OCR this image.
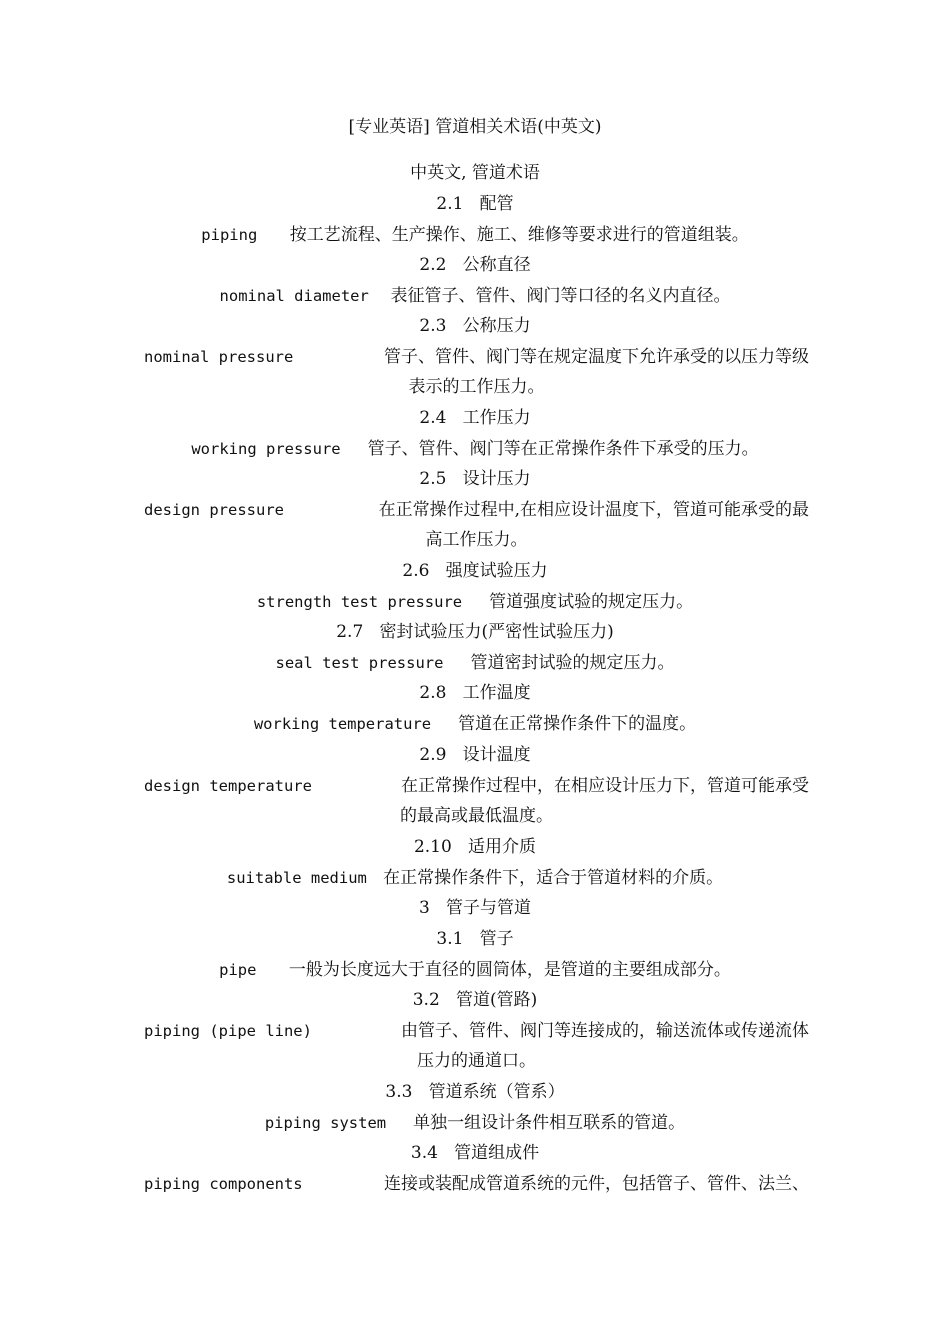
[专业英语] 管道相关术语(中英文)
中英文, 管道术语
2.1   配管
piping 按工艺流程、生产操作、施工、维修等要求进行的管道组装。
2.2   公称直径
nominal diameter 表征管子、管件、阀门等口径的名义内直径。
2.3   公称压力
nominal pressure	管子、管件、阀门等在规定温度下允许承受的以压力等级
表示的工作压力。
2.4   工作压力
working pressure 管子、管件、阀门等在正常操作条件下承受的压力。
2.5   设计压力
design pressure	在正常操作过程中,在相应设计温度下，管道可能承受的最
高工作压力。
2.6   强度试验压力
strength test pressure 管道强度试验的规定压力。
2.7   密封试验压力(严密性试验压力)
seal test pressure 管道密封试验的规定压力。
2.8   工作温度
working temperature 管道在正常操作条件下的温度。
2.9   设计温度
design temperature	在正常操作过程中，在相应设计压力下，管道可能承受
的最高或最低温度。
2.10   适用介质
suitable medium 在正常操作条件下，适合于管道材料的介质。
3   管子与管道
3.1   管子
pipe 一般为长度远大于直径的圆筒体，是管道的主要组成部分。
3.2   管道(管路)
piping (pipe line)	由管子、管件、阀门等连接成的，输送流体或传递流体
压力的通道口。
3.3   管道系统（管系）
piping system 单独一组设计条件相互联系的管道。
3.4   管道组成件
piping components	连接或装配成管道系统的元件，包括管子、管件、法兰、
